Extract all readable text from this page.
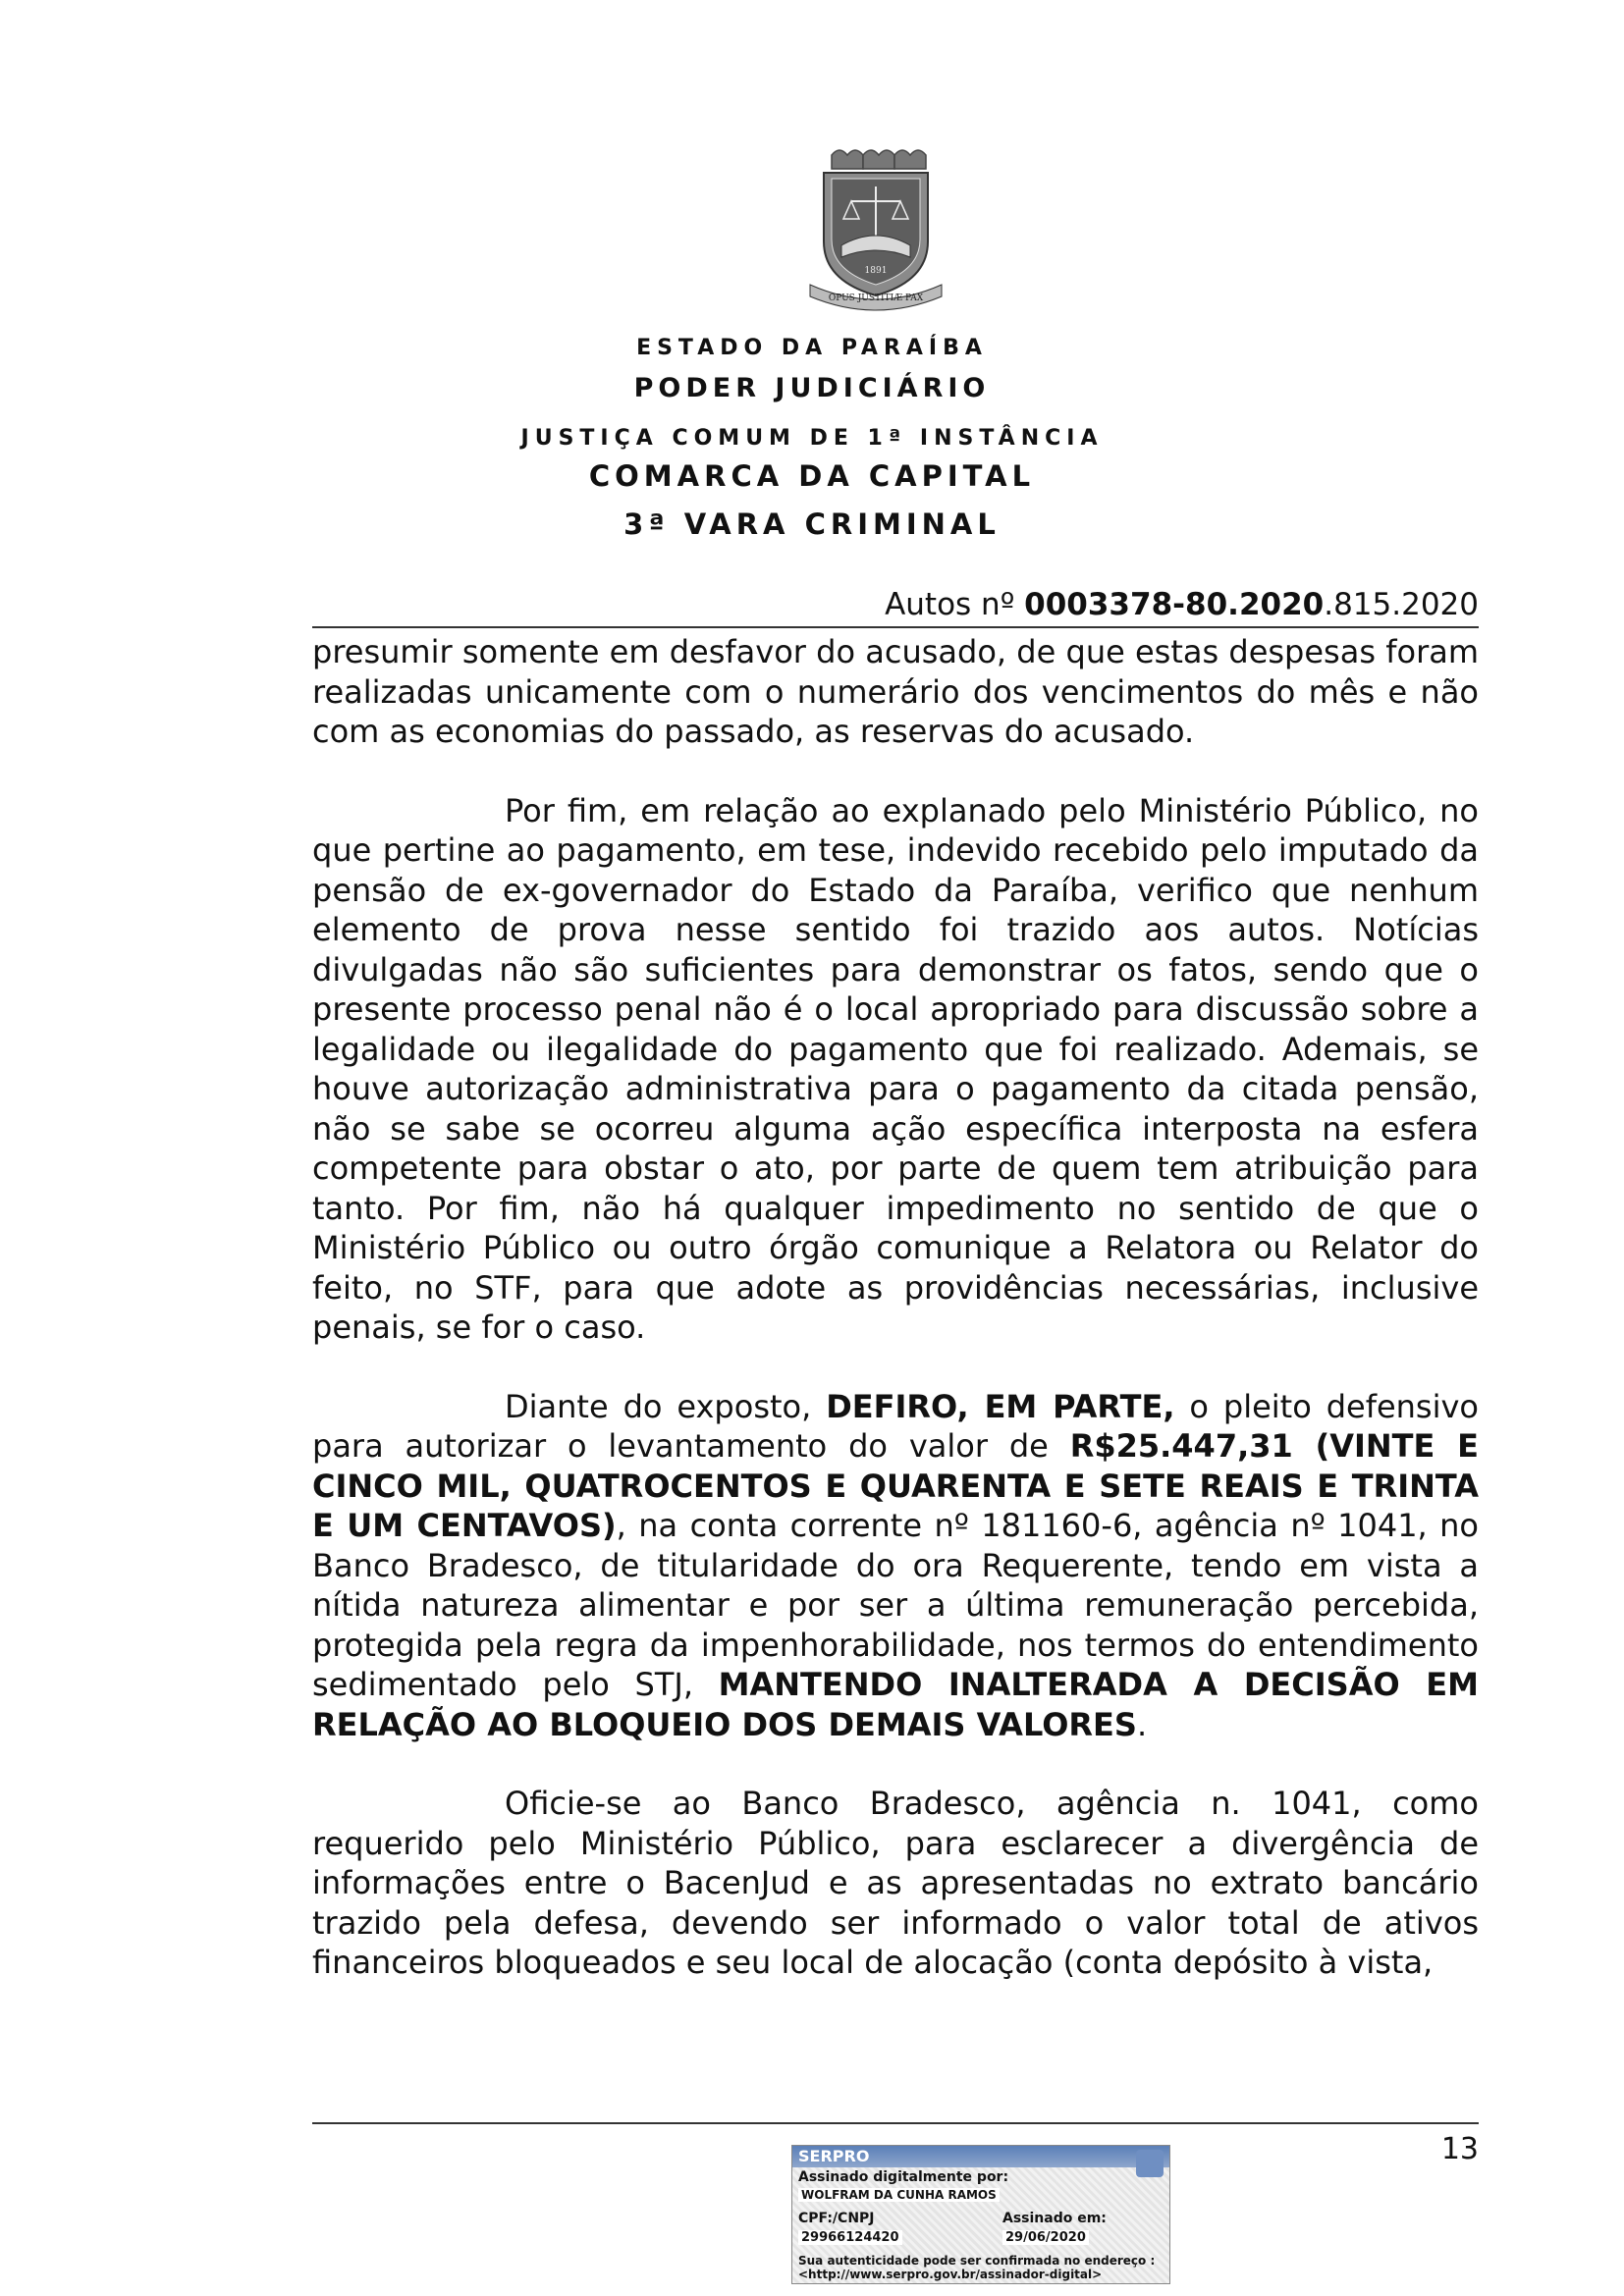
1891
OPUS JUSTITIÆ PAX
ESTADO DA PARAÍBA
PODER JUDICIÁRIO
JUSTIÇA COMUM DE 1ª INSTÂNCIA
COMARCA DA CAPITAL
3ª VARA CRIMINAL
Autos nº 0003378-80.2020.815.2020

presumir somente em desfavor do acusado, de que estas despesas foram realizadas unicamente com o numerário dos vencimentos do mês e não com as economias do passado, as reservas do acusado.

Por fim, em relação ao explanado pelo Ministério Público, no que pertine ao pagamento, em tese, indevido recebido pelo imputado da pensão de ex-governador do Estado da Paraíba, verifico que nenhum elemento de prova nesse sentido foi trazido aos autos. Notícias divulgadas não são suficientes para demonstrar os fatos, sendo que o presente processo penal não é o local apropriado para discussão sobre a legalidade ou ilegalidade do pagamento que foi realizado. Ademais, se houve autorização administrativa para o pagamento da citada pensão, não se sabe se ocorreu alguma ação específica interposta na esfera competente para obstar o ato, por parte de quem tem atribuição para tanto. Por fim, não há qualquer impedimento no sentido de que o Ministério Público ou outro órgão comunique a Relatora ou Relator do feito, no STF, para que adote as providências necessárias, inclusive penais, se for o caso.

Diante do exposto, DEFIRO, EM PARTE, o pleito defensivo para autorizar o levantamento do valor de R$25.447,31 (VINTE E CINCO MIL, QUATROCENTOS E QUARENTA E SETE REAIS E TRINTA E UM CENTAVOS), na conta corrente nº 181160-6, agência nº 1041, no Banco Bradesco, de titularidade do ora Requerente, tendo em vista a nítida natureza alimentar e por ser a última remuneração percebida, protegida pela regra da impenhorabilidade, nos termos do entendimento sedimentado pelo STJ, MANTENDO INALTERADA A DECISÃO EM RELAÇÃO AO BLOQUEIO DOS DEMAIS VALORES.

Oficie-se ao Banco Bradesco, agência n. 1041, como requerido pelo Ministério Público, para esclarecer a divergência de informações entre o BacenJud e as apresentadas no extrato bancário trazido pela defesa, devendo ser informado o valor total de ativos financeiros bloqueados e seu local de alocação (conta depósito à vista,

13
SERPRO
Assinado digitalmente por:
WOLFRAM DA CUNHA RAMOS
CPF:/CNPJ	Assinado em:
29966124420	29/06/2020
Sua autenticidade pode ser confirmada no endereço :
<http://www.serpro.gov.br/assinador-digital>
